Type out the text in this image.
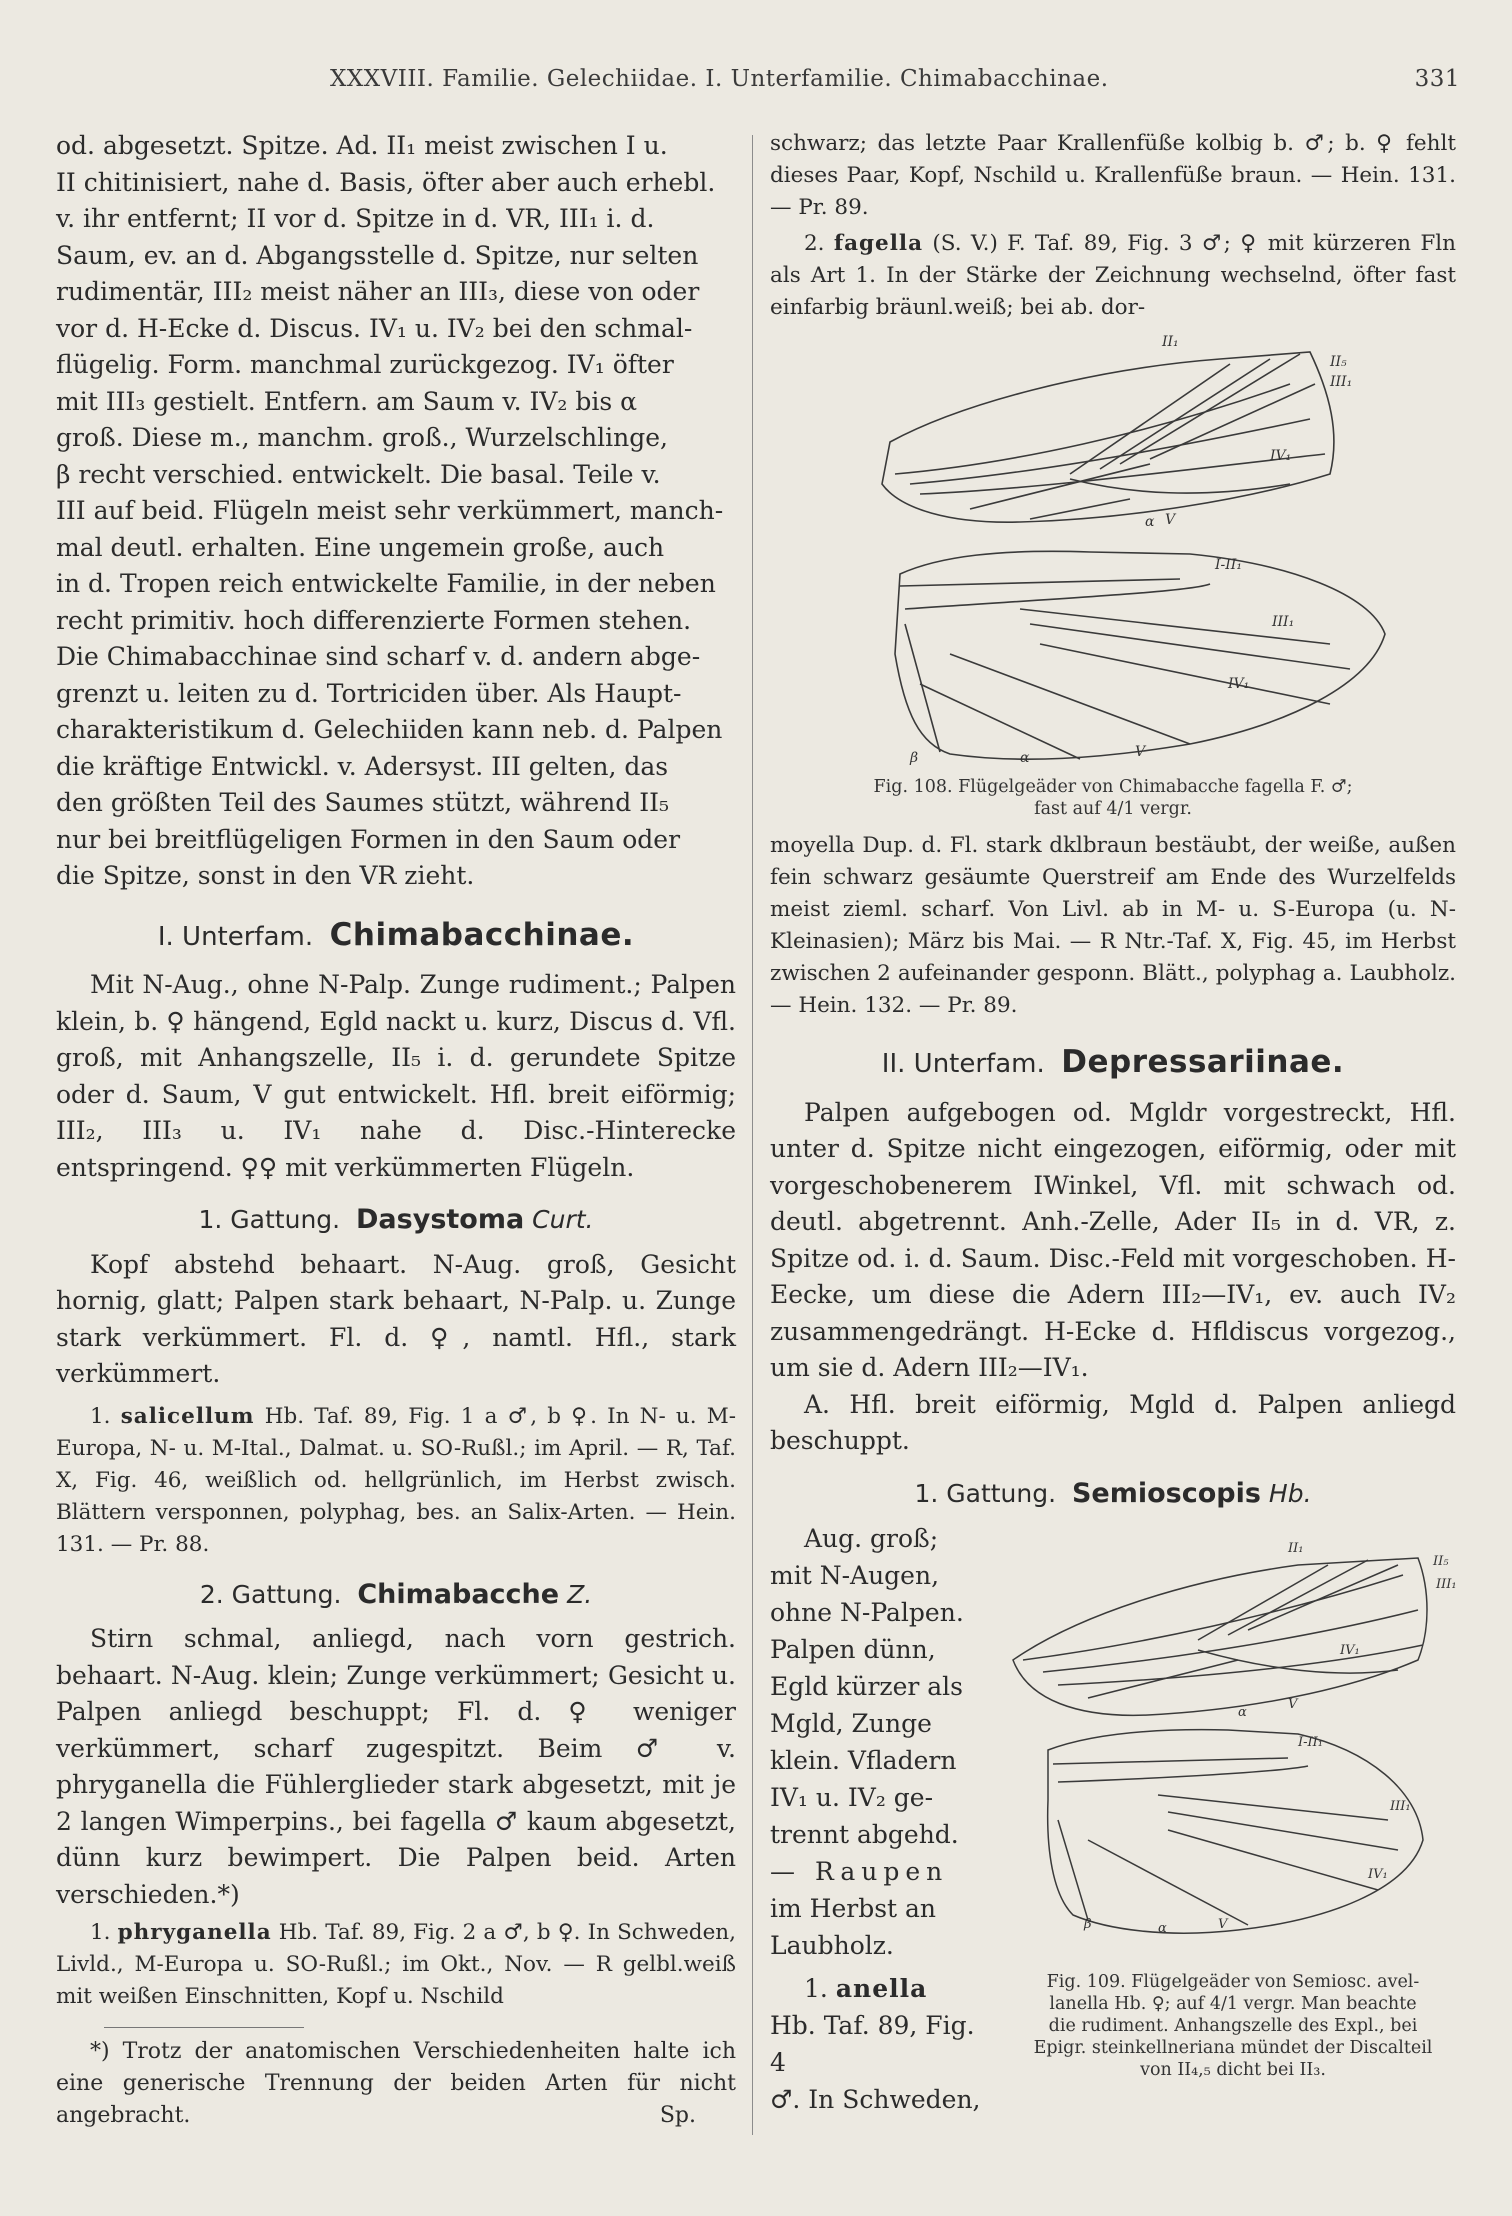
XXXVIII. Familie. Gelechiidae. I. Unterfamilie. Chimabacchinae.	331
od. abgesetzt. Spitze. Ad. II₁ meist zwischen I u.
II chitinisiert, nahe d. Basis, öfter aber auch erhebl.
v. ihr entfernt; II vor d. Spitze in d. VR, III₁ i. d.
Saum, ev. an d. Abgangsstelle d. Spitze, nur selten
rudimentär, III₂ meist näher an III₃, diese von oder
vor d. H-Ecke d. Discus. IV₁ u. IV₂ bei den schmal-
flügelig. Form. manchmal zurückgezog. IV₁ öfter
mit III₃ gestielt. Entfern. am Saum v. IV₂ bis α
groß. Diese m., manchm. groß., Wurzelschlinge,
β recht verschied. entwickelt. Die basal. Teile v.
III auf beid. Flügeln meist sehr verkümmert, manch-
mal deutl. erhalten. Eine ungemein große, auch
in d. Tropen reich entwickelte Familie, in der neben
recht primitiv. hoch differenzierte Formen stehen.
Die Chimabacchinae sind scharf v. d. andern abge-
grenzt u. leiten zu d. Tortriciden über. Als Haupt-
charakteristikum d. Gelechiiden kann neb. d. Palpen
die kräftige Entwickl. v. Adersyst. III gelten, das
den größten Teil des Saumes stützt, während II₅
nur bei breitflügeligen Formen in den Saum oder
die Spitze, sonst in den VR zieht.
I. Unterfam. Chimabacchinae.

Mit N-Aug., ohne N-Palp. Zunge rudiment.; Palpen klein, b. ♀ hängend, Egld nackt u. kurz, Discus d. Vfl. groß, mit Anhangszelle, II₅ i. d. gerundete Spitze oder d. Saum, V gut entwickelt. Hfl. breit eiförmig; III₂, III₃ u. IV₁ nahe d. Disc.-Hinterecke entspringend. ♀♀ mit verkümmerten Flügeln.

1. Gattung. Dasystoma Curt.

Kopf abstehd behaart. N-Aug. groß, Gesicht hornig, glatt; Palpen stark behaart, N-Palp. u. Zunge stark verkümmert. Fl. d. ♀, namtl. Hfl., stark verkümmert.

1. salicellum Hb. Taf. 89, Fig. 1 a ♂, b ♀. In N- u. M-Europa, N- u. M-Ital., Dalmat. u. SO-Rußl.; im April. — R, Taf. X, Fig. 46, weißlich od. hellgrünlich, im Herbst zwisch. Blättern versponnen, polyphag, bes. an Salix-Arten. — Hein. 131. — Pr. 88.

2. Gattung. Chimabacche Z.

Stirn schmal, anliegd, nach vorn gestrich. behaart. N-Aug. klein; Zunge verkümmert; Gesicht u. Palpen anliegd beschuppt; Fl. d. ♀ weniger verkümmert, scharf zugespitzt. Beim ♂ v. phryganella die Fühlerglieder stark abgesetzt, mit je 2 langen Wimperpins., bei fagella ♂ kaum abgesetzt, dünn kurz bewimpert. Die Palpen beid. Arten verschieden.*)

1. phryganella Hb. Taf. 89, Fig. 2 a ♂, b ♀. In Schweden, Livld., M-Europa u. SO-Rußl.; im Okt., Nov. — R gelbl.weiß mit weißen Einschnitten, Kopf u. Nschild

*) Trotz der anatomischen Verschiedenheiten halte ich eine generische Trennung der beiden Arten für nicht angebracht.	Sp.

schwarz; das letzte Paar Krallenfüße kolbig b. ♂; b. ♀ fehlt dieses Paar, Kopf, Nschild u. Krallenfüße braun. — Hein. 131. — Pr. 89.

2. fagella (S. V.) F. Taf. 89, Fig. 3 ♂; ♀ mit kürzeren Fln als Art 1. In der Stärke der Zeichnung wechselnd, öfter fast einfarbig bräunl.weiß; bei ab. dor-

II₁
II₅
III₁
IV₁
α V
I-II₁
III₁
IV₁
β	α	V
Fig. 108. Flügelgeäder von Chimabacche fagella F. ♂;
fast auf 4/1 vergr.

moyella Dup. d. Fl. stark dklbraun bestäubt, der weiße, außen fein schwarz gesäumte Querstreif am Ende des Wurzelfelds meist zieml. scharf. Von Livl. ab in M- u. S-Europa (u. N-Kleinasien); März bis Mai. — R Ntr.-Taf. X, Fig. 45, im Herbst zwischen 2 aufeinander gesponn. Blätt., polyphag a. Laubholz. — Hein. 132. — Pr. 89.

II. Unterfam. Depressariinae.

Palpen aufgebogen od. Mgldr vorgestreckt, Hfl. unter d. Spitze nicht eingezogen, eiförmig, oder mit vorgeschobenerem IWinkel, Vfl. mit schwach od. deutl. abgetrennt. Anh.-Zelle, Ader II₅ in d. VR, z. Spitze od. i. d. Saum. Disc.-Feld mit vorgeschoben. H-Eecke, um diese die Adern III₂—IV₁, ev. auch IV₂ zusammengedrängt. H-Ecke d. Hfldiscus vorgezog., um sie d. Adern III₂—IV₁.

A. Hfl. breit eiförmig, Mgld d. Palpen anliegd beschuppt.

1. Gattung. Semioscopis Hb.
Aug. groß;
mit N-Augen,
ohne N-Palpen.
Palpen dünn,
Egld kürzer als
Mgld, Zunge
klein. Vfladern
IV₁ u. IV₂ ge-
trennt abgehd.
— Raupen
im Herbst an
Laubholz.
1. anella
Hb. Taf. 89, Fig. 4
♂. In Schweden,
II₁
II₅
III₁
IV₁
α
V
I-II₁
III₁
IV₁
β	α	V
Fig. 109. Flügelgeäder von Semiosc. avel-
lanella Hb. ♀; auf 4/1 vergr. Man beachte
die rudiment. Anhangszelle des Expl., bei
Epigr. steinkellneriana mündet der Discalteil
von II₄,₅ dicht bei II₃.
